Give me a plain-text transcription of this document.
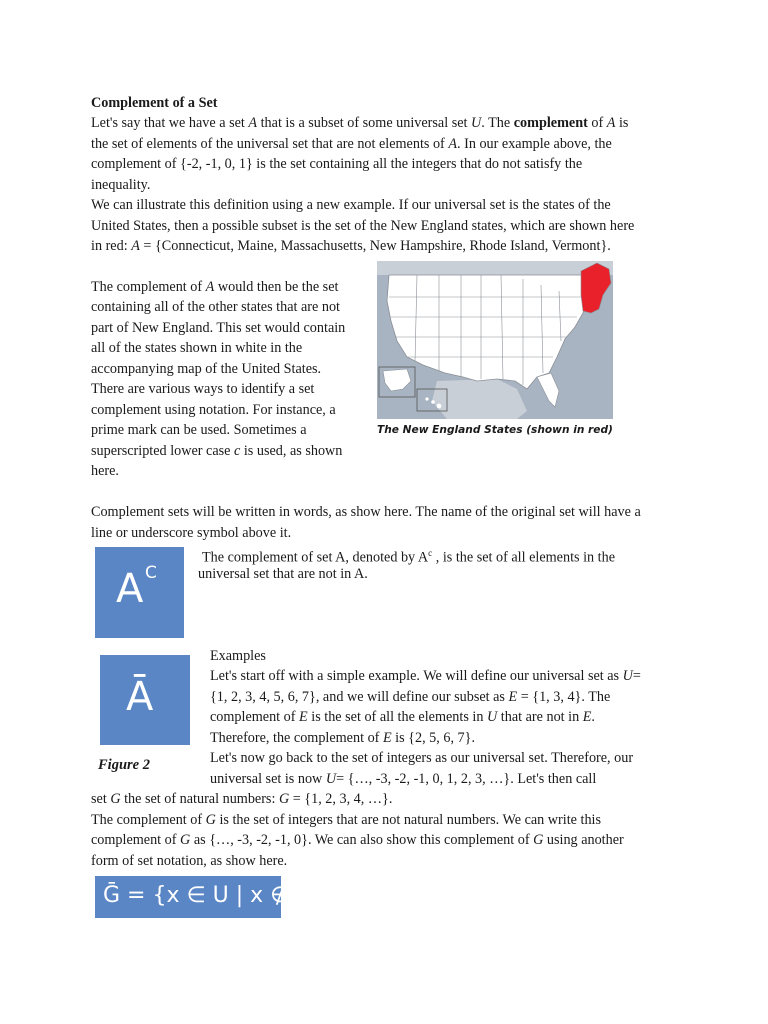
Complement of a Set
Let's say that we have a set A that is a subset of some universal set U. The complement of A is
the set of elements of the universal set that are not elements of A. In our example above, the
complement of {-2, -1, 0, 1} is the set containing all the integers that do not satisfy the
inequality.
We can illustrate this definition using a new example. If our universal set is the states of the
United States, then a possible subset is the set of the New England states, which are shown here
in red: A = {Connecticut, Maine, Massachusetts, New Hampshire, Rhode Island, Vermont}.
The complement of A would then be the set
containing all of the other states that are not
part of New England. This set would contain
all of the states shown in white in the
accompanying map of the United States.
There are various ways to identify a set
complement using notation. For instance, a
prime mark can be used. Sometimes a
superscripted lower case c is used, as shown
here.
The New England States (shown in red)
Complement sets will be written in words, as show here. The name of the original set will have a
line or underscore symbol above it.
A C
The complement of set A, denoted by $A^c$ , is the set of all elements in the
universal set that are not in A.
Ā
Figure 2
Examples
Let's start off with a simple example. We will define our universal set as U=
{1, 2, 3, 4, 5, 6, 7}, and we will define our subset as E = {1, 3, 4}. The
complement of E is the set of all the elements in U that are not in E.
Therefore, the complement of E is {2, 5, 6, 7}.
Let's now go back to the set of integers as our universal set. Therefore, our
universal set is now U= {…, -3, -2, -1, 0, 1, 2, 3, …}. Let's then call
set G the set of natural numbers: G = {1, 2, 3, 4, …}.
The complement of G is the set of integers that are not natural numbers. We can write this
complement of G as {…, -3, -2, -1, 0}. We can also show this complement of G using another
form of set notation, as show here.
Ḡ = {x ∈ U | x ∉ G}
